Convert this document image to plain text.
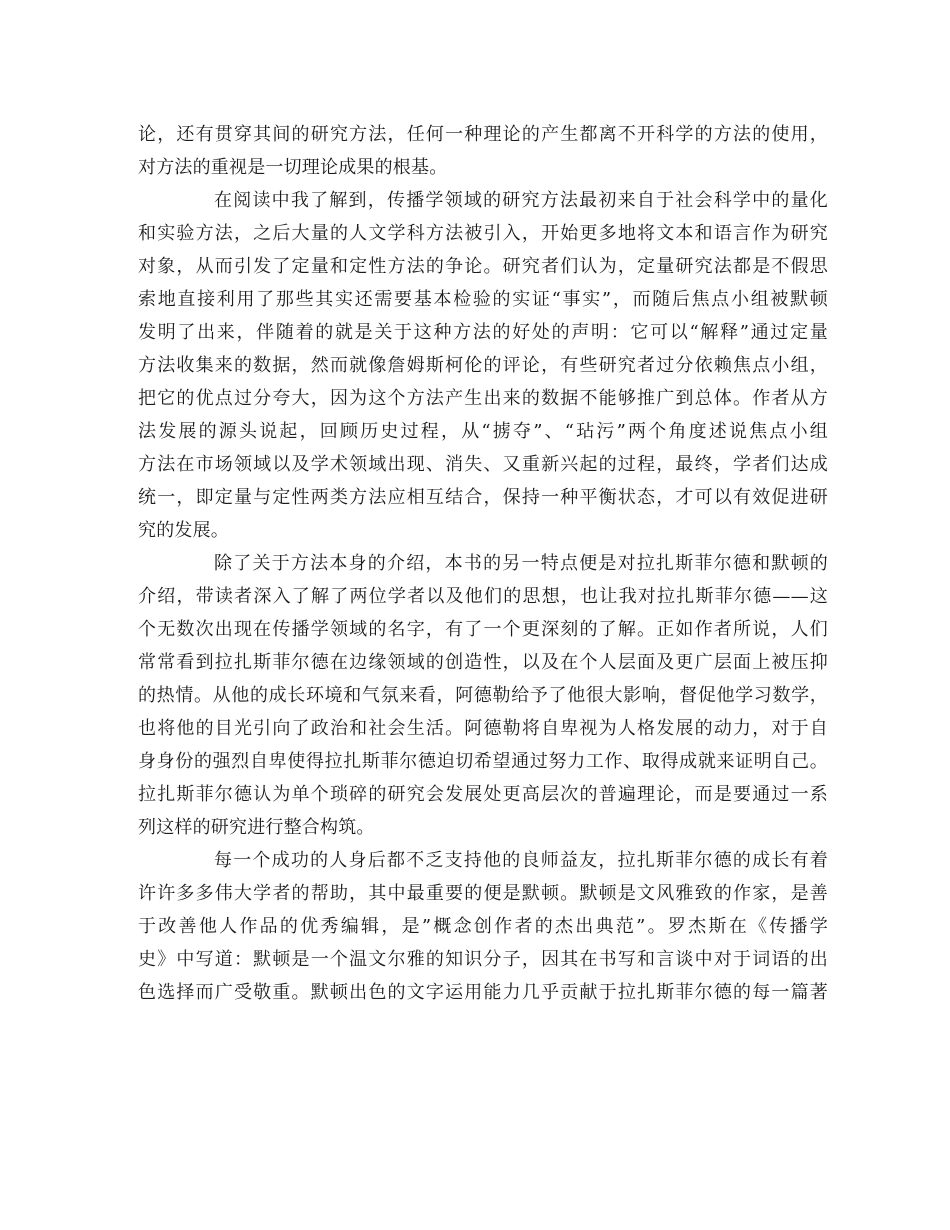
论，还有贯穿其间的研究方法，任何一种理论的产生都离不开科学的方法的使用，
对方法的重视是一切理论成果的根基。
在阅读中我了解到，传播学领域的研究方法最初来自于社会科学中的量化
和实验方法，之后大量的人文学科方法被引入，开始更多地将文本和语言作为研究
对象，从而引发了定量和定性方法的争论。研究者们认为，定量研究法都是不假思
索地直接利用了那些其实还需要基本检验的实证“事实”，而随后焦点小组被默顿
发明了出来，伴随着的就是关于这种方法的好处的声明：它可以“解释”通过定量
方法收集来的数据，然而就像詹姆斯柯伦的评论，有些研究者过分依赖焦点小组，
把它的优点过分夸大，因为这个方法产生出来的数据不能够推广到总体。作者从方
法发展的源头说起，回顾历史过程，从“掳夺”、“玷污”两个角度述说焦点小组
方法在市场领域以及学术领域出现、消失、又重新兴起的过程，最终，学者们达成
统一，即定量与定性两类方法应相互结合，保持一种平衡状态，才可以有效促进研
究的发展。
除了关于方法本身的介绍，本书的另一特点便是对拉扎斯菲尔德和默顿的
介绍，带读者深入了解了两位学者以及他们的思想，也让我对拉扎斯菲尔德——这
个无数次出现在传播学领域的名字，有了一个更深刻的了解。正如作者所说，人们
常常看到拉扎斯菲尔德在边缘领域的创造性，以及在个人层面及更广层面上被压抑
的热情。从他的成长环境和气氛来看，阿德勒给予了他很大影响，督促他学习数学，
也将他的目光引向了政治和社会生活。阿德勒将自卑视为人格发展的动力，对于自
身身份的强烈自卑使得拉扎斯菲尔德迫切希望通过努力工作、取得成就来证明自己。
拉扎斯菲尔德认为单个琐碎的研究会发展处更高层次的普遍理论，而是要通过一系
列这样的研究进行整合构筑。
每一个成功的人身后都不乏支持他的良师益友，拉扎斯菲尔德的成长有着
许许多多伟大学者的帮助，其中最重要的便是默顿。默顿是文风雅致的作家，是善
于改善他人作品的优秀编辑，是”概念创作者的杰出典范”。罗杰斯在《传播学
史》中写道：默顿是一个温文尔雅的知识分子，因其在书写和言谈中对于词语的出
色选择而广受敬重。默顿出色的文字运用能力几乎贡献于拉扎斯菲尔德的每一篇著
